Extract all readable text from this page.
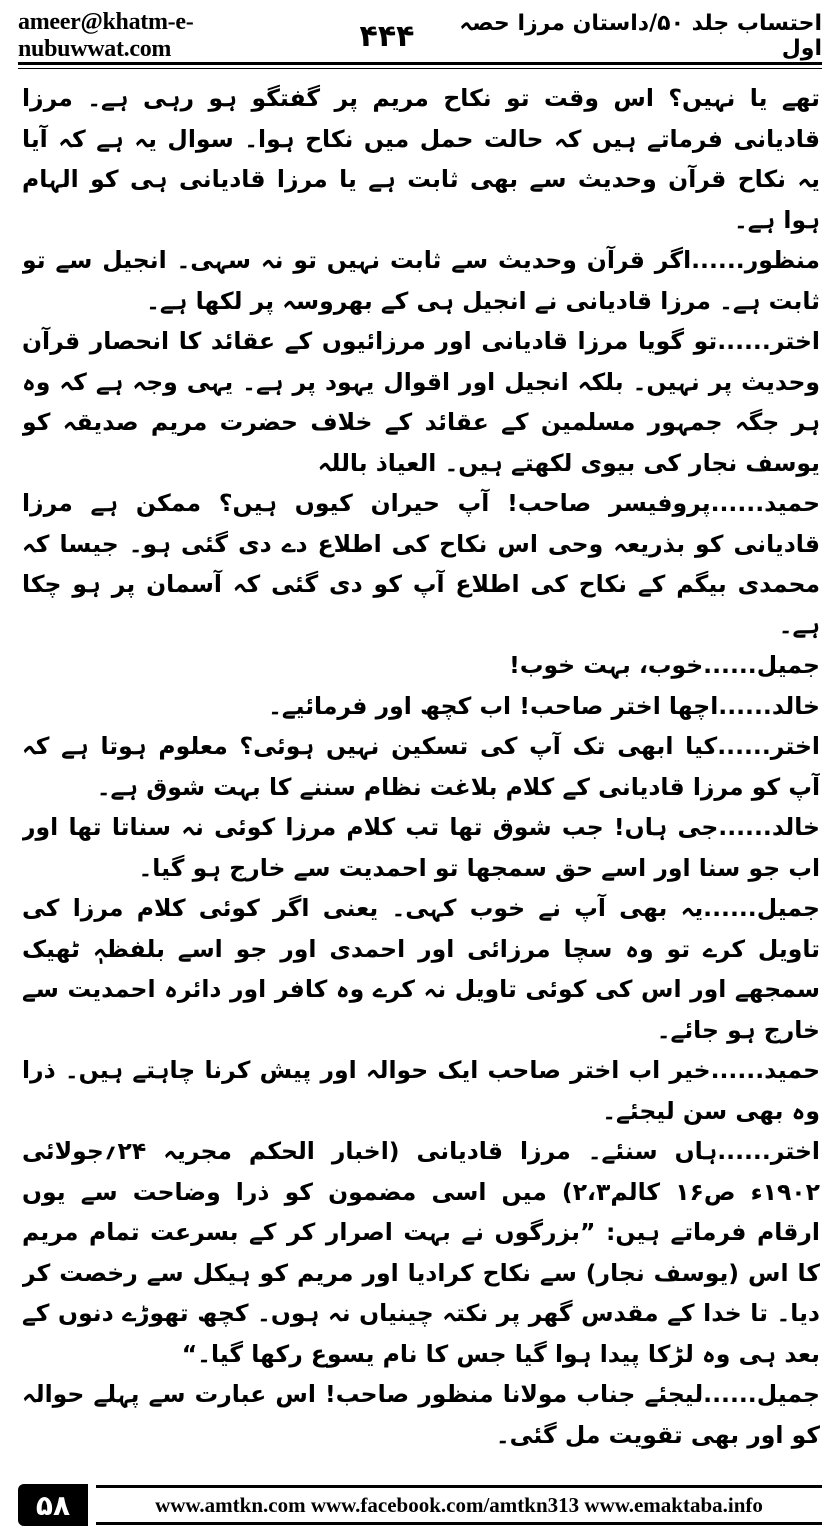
ameer@khatm-e-nubuwwat.com	۴۴۴	احتساب جلد ۵۰/داستان مرزا حصہ اول

تھے یا نہیں؟ اس وقت تو نکاح مریم پر گفتگو ہو رہی ہے۔ مرزا قادیانی فرماتے ہیں کہ حالت حمل میں نکاح ہوا۔ سوال یہ ہے کہ آیا یہ نکاح قرآن وحدیث سے بھی ثابت ہے یا مرزا قادیانی ہی کو الہام ہوا ہے۔

منظور......اگر قرآن وحدیث سے ثابت نہیں تو نہ سہی۔ انجیل سے تو ثابت ہے۔ مرزا قادیانی نے انجیل ہی کے بھروسہ پر لکھا ہے۔

اختر......تو گویا مرزا قادیانی اور مرزائیوں کے عقائد کا انحصار قرآن وحدیث پر نہیں۔ بلکہ انجیل اور اقوال یہود پر ہے۔ یہی وجہ ہے کہ وہ ہر جگہ جمہور مسلمین کے عقائد کے خلاف حضرت مریم صدیقہ کو یوسف نجار کی بیوی لکھتے ہیں۔ العیاذ باللہ

حمید......پروفیسر صاحب! آپ حیران کیوں ہیں؟ ممکن ہے مرزا قادیانی کو بذریعہ وحی اس نکاح کی اطلاع دے دی گئی ہو۔ جیسا کہ محمدی بیگم کے نکاح کی اطلاع آپ کو دی گئی کہ آسمان پر ہو چکا ہے۔

جمیل......خوب، بہت خوب!

خالد......اچھا اختر صاحب! اب کچھ اور فرمائیے۔

اختر......کیا ابھی تک آپ کی تسکین نہیں ہوئی؟ معلوم ہوتا ہے کہ آپ کو مرزا قادیانی کے کلام بلاغت نظام سننے کا بہت شوق ہے۔

خالد......جی ہاں! جب شوق تھا تب کلام مرزا کوئی نہ سناتا تھا اور اب جو سنا اور اسے حق سمجھا تو احمدیت سے خارج ہو گیا۔

جمیل......یہ بھی آپ نے خوب کہی۔ یعنی اگر کوئی کلام مرزا کی تاویل کرے تو وہ سچا مرزائی اور احمدی اور جو اسے بلفظہٖ ٹھیک سمجھے اور اس کی کوئی تاویل نہ کرے وہ کافر اور دائرہ احمدیت سے خارج ہو جائے۔

حمید......خیر اب اختر صاحب ایک حوالہ اور پیش کرنا چاہتے ہیں۔ ذرا وہ بھی سن لیجئے۔

اختر......ہاں سنئے۔ مرزا قادیانی (اخبار الحکم مجریہ ۲۴؍جولائی ۱۹۰۲ء ص۱۶ کالم۲،۳) میں اسی مضمون کو ذرا وضاحت سے یوں ارقام فرماتے ہیں: ”بزرگوں نے بہت اصرار کر کے بسرعت تمام مریم کا اس (یوسف نجار) سے نکاح کرادیا اور مریم کو ہیکل سے رخصت کر دیا۔ تا خدا کے مقدس گھر پر نکتہ چینیاں نہ ہوں۔ کچھ تھوڑے دنوں کے بعد ہی وہ لڑکا پیدا ہوا گیا جس کا نام یسوع رکھا گیا۔“

جمیل......لیجئے جناب مولانا منظور صاحب! اس عبارت سے پہلے حوالہ کو اور بھی تقویت مل گئی۔

۵۸	www.amtkn.com www.facebook.com/amtkn313 www.emaktaba.info
